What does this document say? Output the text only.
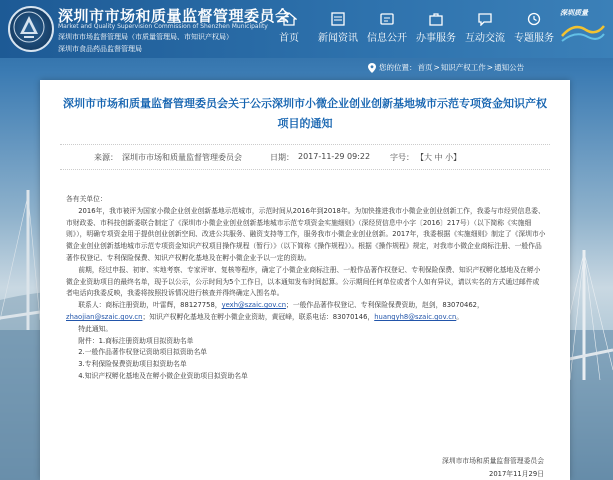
深圳市市场和质量监督管理委员会
Market and Quality Supervision Commission of Shenzhen Municipality
深圳市市场监督管理局（市质量管理局、市知识产权局）
深圳市食品药品监督管理局
首页	新闻资讯 信息公开 办事服务 互动交流 专题服务
深圳质量
您的位置： 首页 > 知识产权工作 > 通知公告
深圳市市场和质量监督管理委员会关于公示深圳市小微企业创业创新基地城市示范专项资金知识产权项目的通知
来源： 深圳市市场和质量监督管理委员会	日期： 2017-11-29 09:22 字号： 【大 中 小】

各有关单位：

2016年，我市被评为国家小微企业创业创新基地示范城市，示范时间从2016年到2018年。为加快推进我市小微企业创业创新工作，我委与市经贸信息委、市财政委、市科技创新委联合制定了《深圳市小微企业创业创新基地城市示范专项资金实施细则》（深经贸信息中小字〔2016〕217号）（以下简称《实施细则》），明确专项资金用于提供创业创新空间、改进公共服务、融资支持等工作，服务我市小微企业创业创新。2017年，我委根据《实施细则》制定了《深圳市小微企业创业创新基地城市示范专项资金知识产权项目操作规程（暂行）》（以下简称《操作规程》）。根据《操作规程》规定，对我市小微企业商标注册、一般作品著作权登记、专利保险保费、知识产权孵化基地及在孵小微企业予以一定的资助。

前期，经过申报、初审、实地考察、专家评审、复核等程序，确定了小微企业商标注册、一般作品著作权登记、专利保险保费、知识产权孵化基地及在孵小微企业资助项目的最终名单，现予以公示，公示时间为5个工作日，以本通知发布时间起算。公示期间任何单位或者个人如有异议，请以实名的方式通过邮件或者电话向我委反映，我委将按照投诉情况进行核查并得终确定入围名单。

联系人：商标注册资助，叶雷辉，88127758，yexh@szaic.gov.cn；一般作品著作权登记、专利保险保费资助，赵剑，83070462，zhaojian@szaic.gov.cn；知识产权孵化基地及在孵小微企业资助，黄冠峰，联系电话：83070146，huangyh8@szaic.gov.cn。

特此通知。

附件：1.商标注册资助项目拟资助名单

2.一般作品著作权登记资助项目拟资助名单

3.专利保险保费资助项目拟资助名单

4.知识产权孵化基地及在孵小微企业资助项目拟资助名单

深圳市市场和质量监督管理委员会
2017年11月29日
